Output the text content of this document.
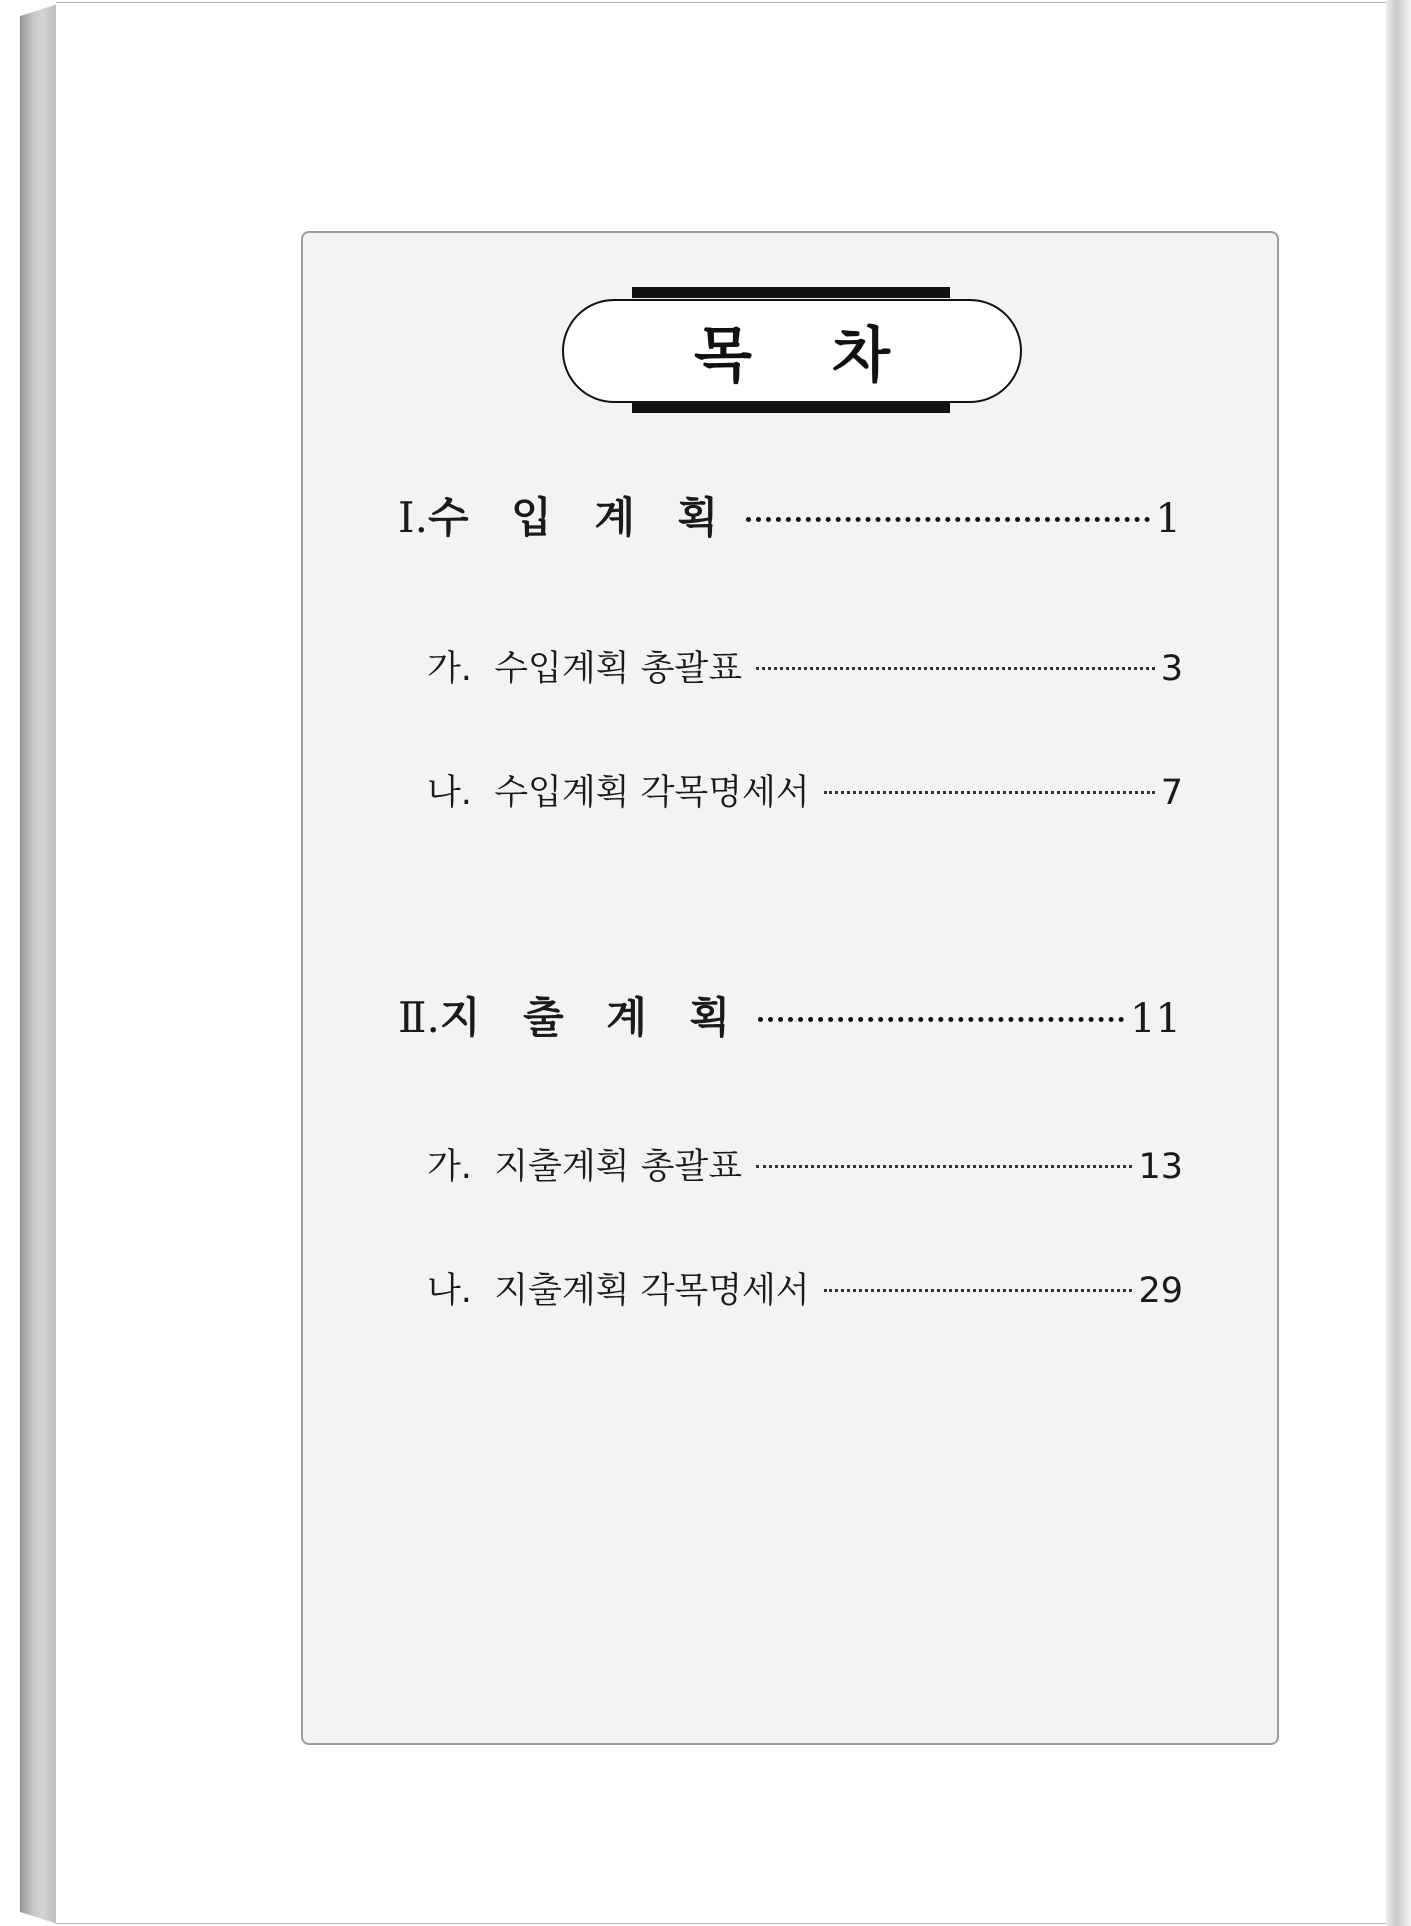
목 차
Ⅰ.수 입 계 획	1
가. 수입계획 총괄표	3
나. 수입계획 각목명세서	7
Ⅱ.지 출 계 획	11
가. 지출계획 총괄표	13
나. 지출계획 각목명세서	29
